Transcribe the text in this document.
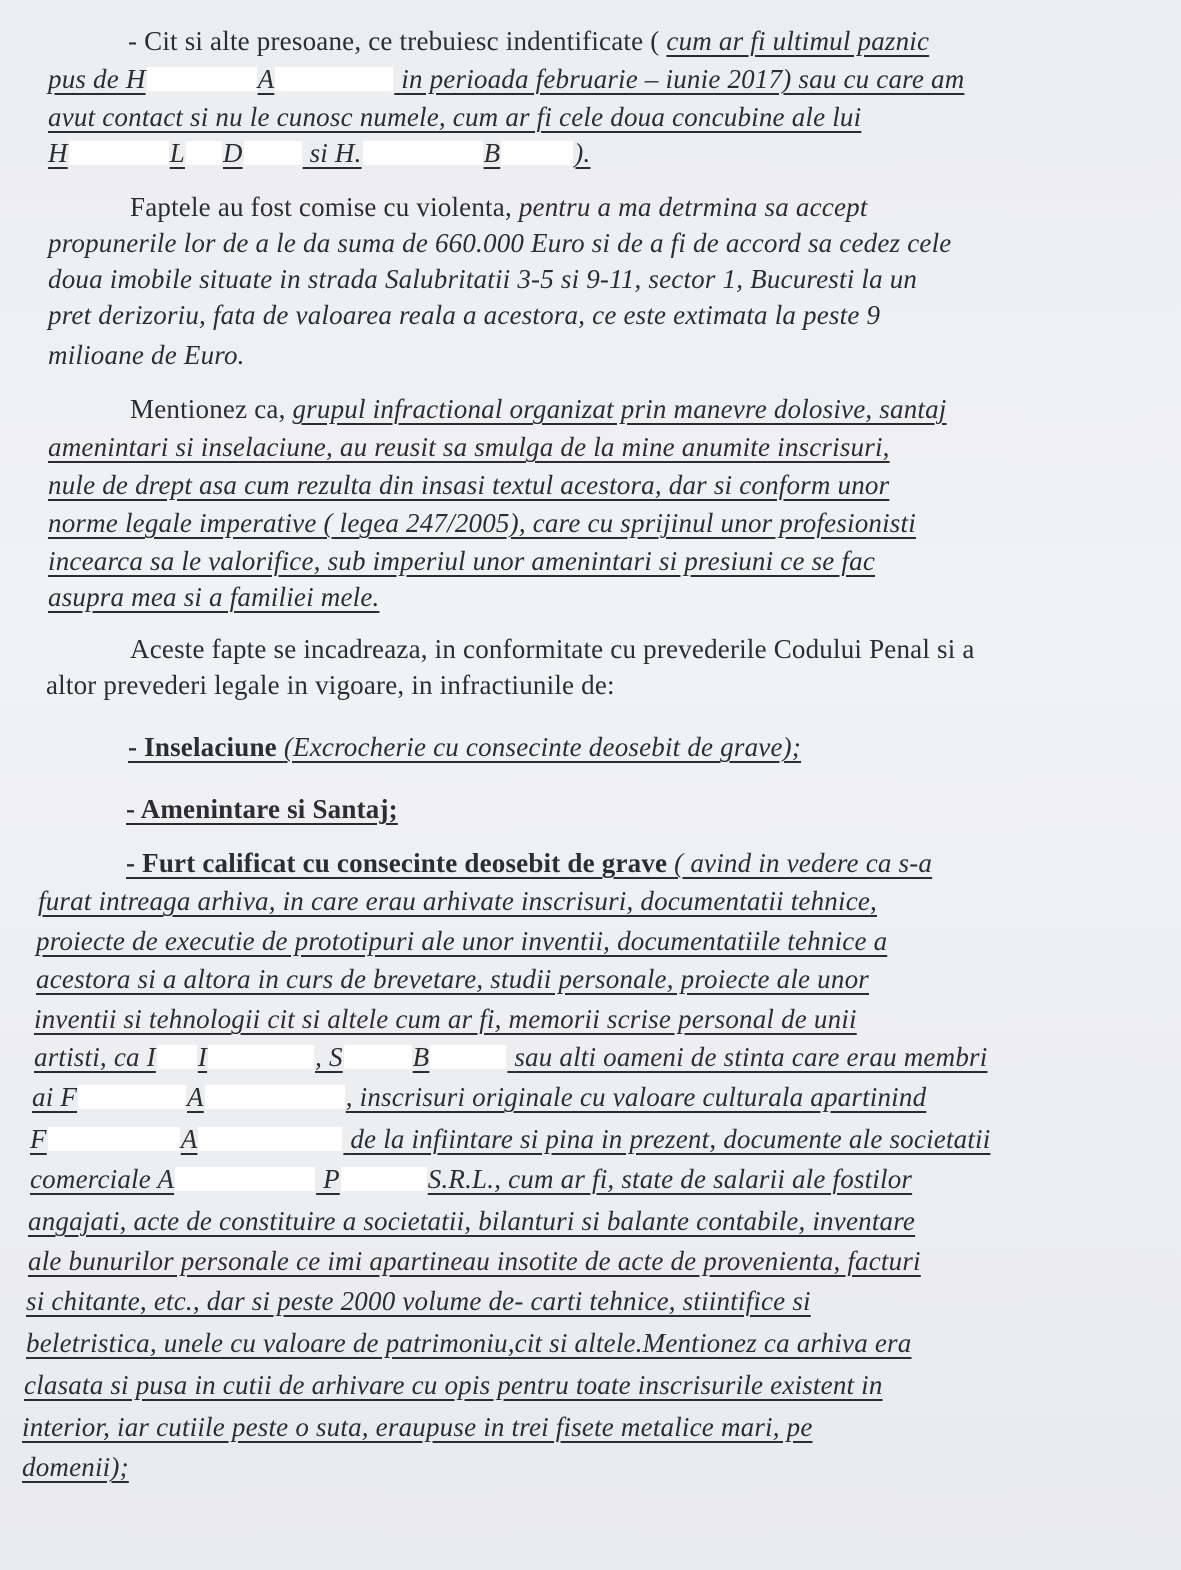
- Cit si alte presoane, ce trebuiesc indentificate ( cum ar fi ultimul paznic
pus de H	A	in perioada februarie – iunie 2017) sau cu care am
avut contact si nu le cunosc numele, cum ar fi cele doua concubine ale lui
H	L D si H.	B	).
Faptele au fost comise cu violenta, pentru a ma detrmina sa accept
propunerile lor de a le da suma de 660.000 Euro si de a fi de accord sa cedez cele
doua imobile situate in strada Salubritatii 3-5 si 9-11, sector 1, Bucuresti la un
pret derizoriu, fata de valoarea reala a acestora, ce este extimata la peste 9
milioane de Euro.
Mentionez ca, grupul infractional organizat prin manevre dolosive, santaj
amenintari si inselaciune, au reusit sa smulga de la mine anumite inscrisuri,
nule de drept asa cum rezulta din insasi textul acestora, dar si conform unor
norme legale imperative ( legea 247/2005), care cu sprijinul unor profesionisti
incearca sa le valorifice, sub imperiul unor amenintari si presiuni ce se fac
asupra mea si a familiei mele.
Aceste fapte se incadreaza, in conformitate cu prevederile Codului Penal si a
altor prevederi legale in vigoare, in infractiunile de:
- Inselaciune (Excrocherie cu consecinte deosebit de grave);
- Amenintare si Santaj;
- Furt calificat cu consecinte deosebit de grave ( avind in vedere ca s-a
furat intreaga arhiva, in care erau arhivate inscrisuri, documentatii tehnice,
proiecte de executie de prototipuri ale unor inventii, documentatiile tehnice a
acestora si a altora in curs de brevetare, studii personale, proiecte ale unor
inventii si tehnologii cit si altele cum ar fi, memorii scrise personal de unii
artisti, ca I I	, S	B	sau alti oameni de stinta care erau membri
ai F	A	, inscrisuri originale cu valoare culturala apartinind
F	A	de la infiintare si pina in prezent, documente ale societatii
comerciale A	P	S.R.L., cum ar fi, state de salarii ale fostilor
angajati, acte de constituire a societatii, bilanturi si balante contabile, inventare
ale bunurilor personale ce imi apartineau insotite de acte de provenienta, facturi
si chitante, etc., dar si peste 2000 volume de- carti tehnice, stiintifice si
beletristica, unele cu valoare de patrimoniu,cit si altele.Mentionez ca arhiva era
clasata si pusa in cutii de arhivare cu opis pentru toate inscrisurile existent in
interior, iar cutiile peste o suta, eraupuse in trei fisete metalice mari, pe
domenii);
